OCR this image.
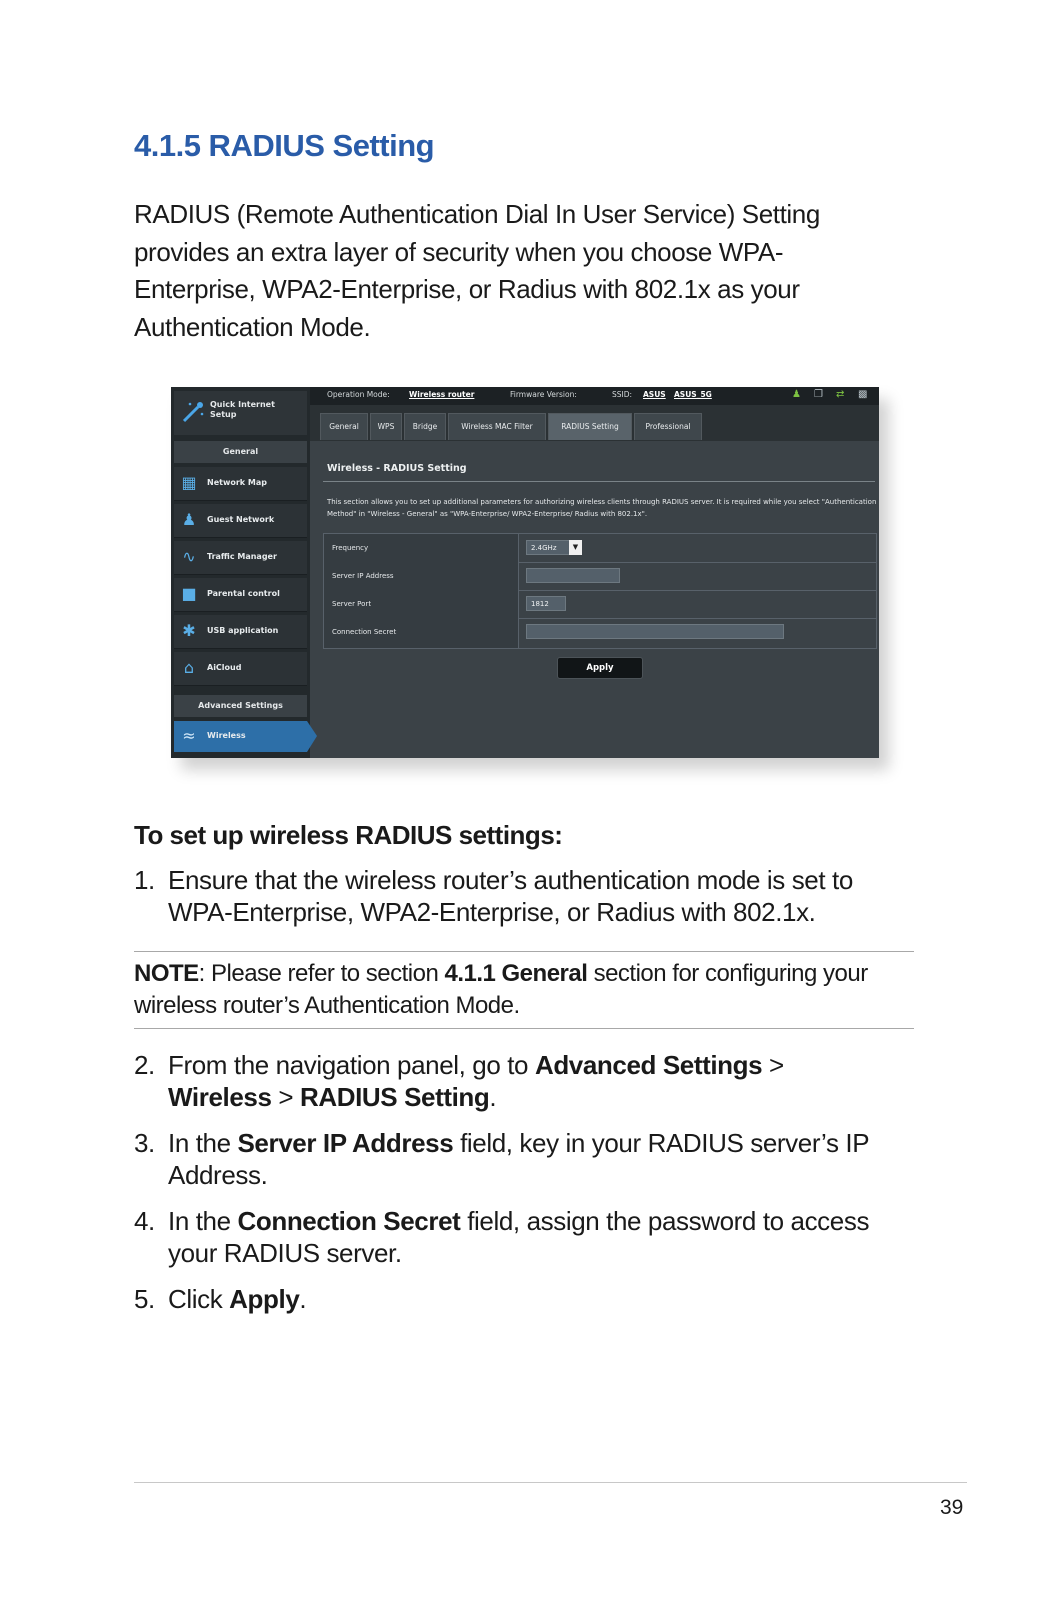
4.1.5 RADIUS Setting

RADIUS (Remote Authentication Dial In User Service) Setting
provides an extra layer of security when you choose WPA-
Enterprise, WPA2-Enterprise, or Radius with 802.1x as your
Authentication Mode.

Quick Internet Setup
General
▦	Network Map
♟	Guest Network
∿	Traffic Manager
■	Parental control
✱	USB application
⌂	AiCloud
Advanced Settings
≈	Wireless
Operation Mode:	Wireless router	Firmware Version:	SSID: ASUS ASUS_5G	♟ ❐ ⇄ ▩
General	WPS	Bridge	Wireless MAC Filter	RADIUS Setting	Professional
Wireless - RADIUS Setting
This section allows you to set up additional parameters for authorizing wireless clients through RADIUS server. It is required while you select "Authentication Method" in "Wireless - General" as "WPA-Enterprise/ WPA2-Enterprise/ Radius with 802.1x".
Frequency	2.4GHz	▼
Server IP Address
Server Port	1812
Connection Secret
Apply
To set up wireless RADIUS settings:
1. Ensure that the wireless router’s authentication mode is set to
WPA-Enterprise, WPA2-Enterprise, or Radius with 802.1x.
NOTE: Please refer to section 4.1.1 General section for configuring your
wireless router’s Authentication Mode.
2. From the navigation panel, go to Advanced Settings >
Wireless > RADIUS Setting.
3. In the Server IP Address field, key in your RADIUS server’s IP
Address.
4. In the Connection Secret field, assign the password to access
your RADIUS server.
5. Click Apply.
39
